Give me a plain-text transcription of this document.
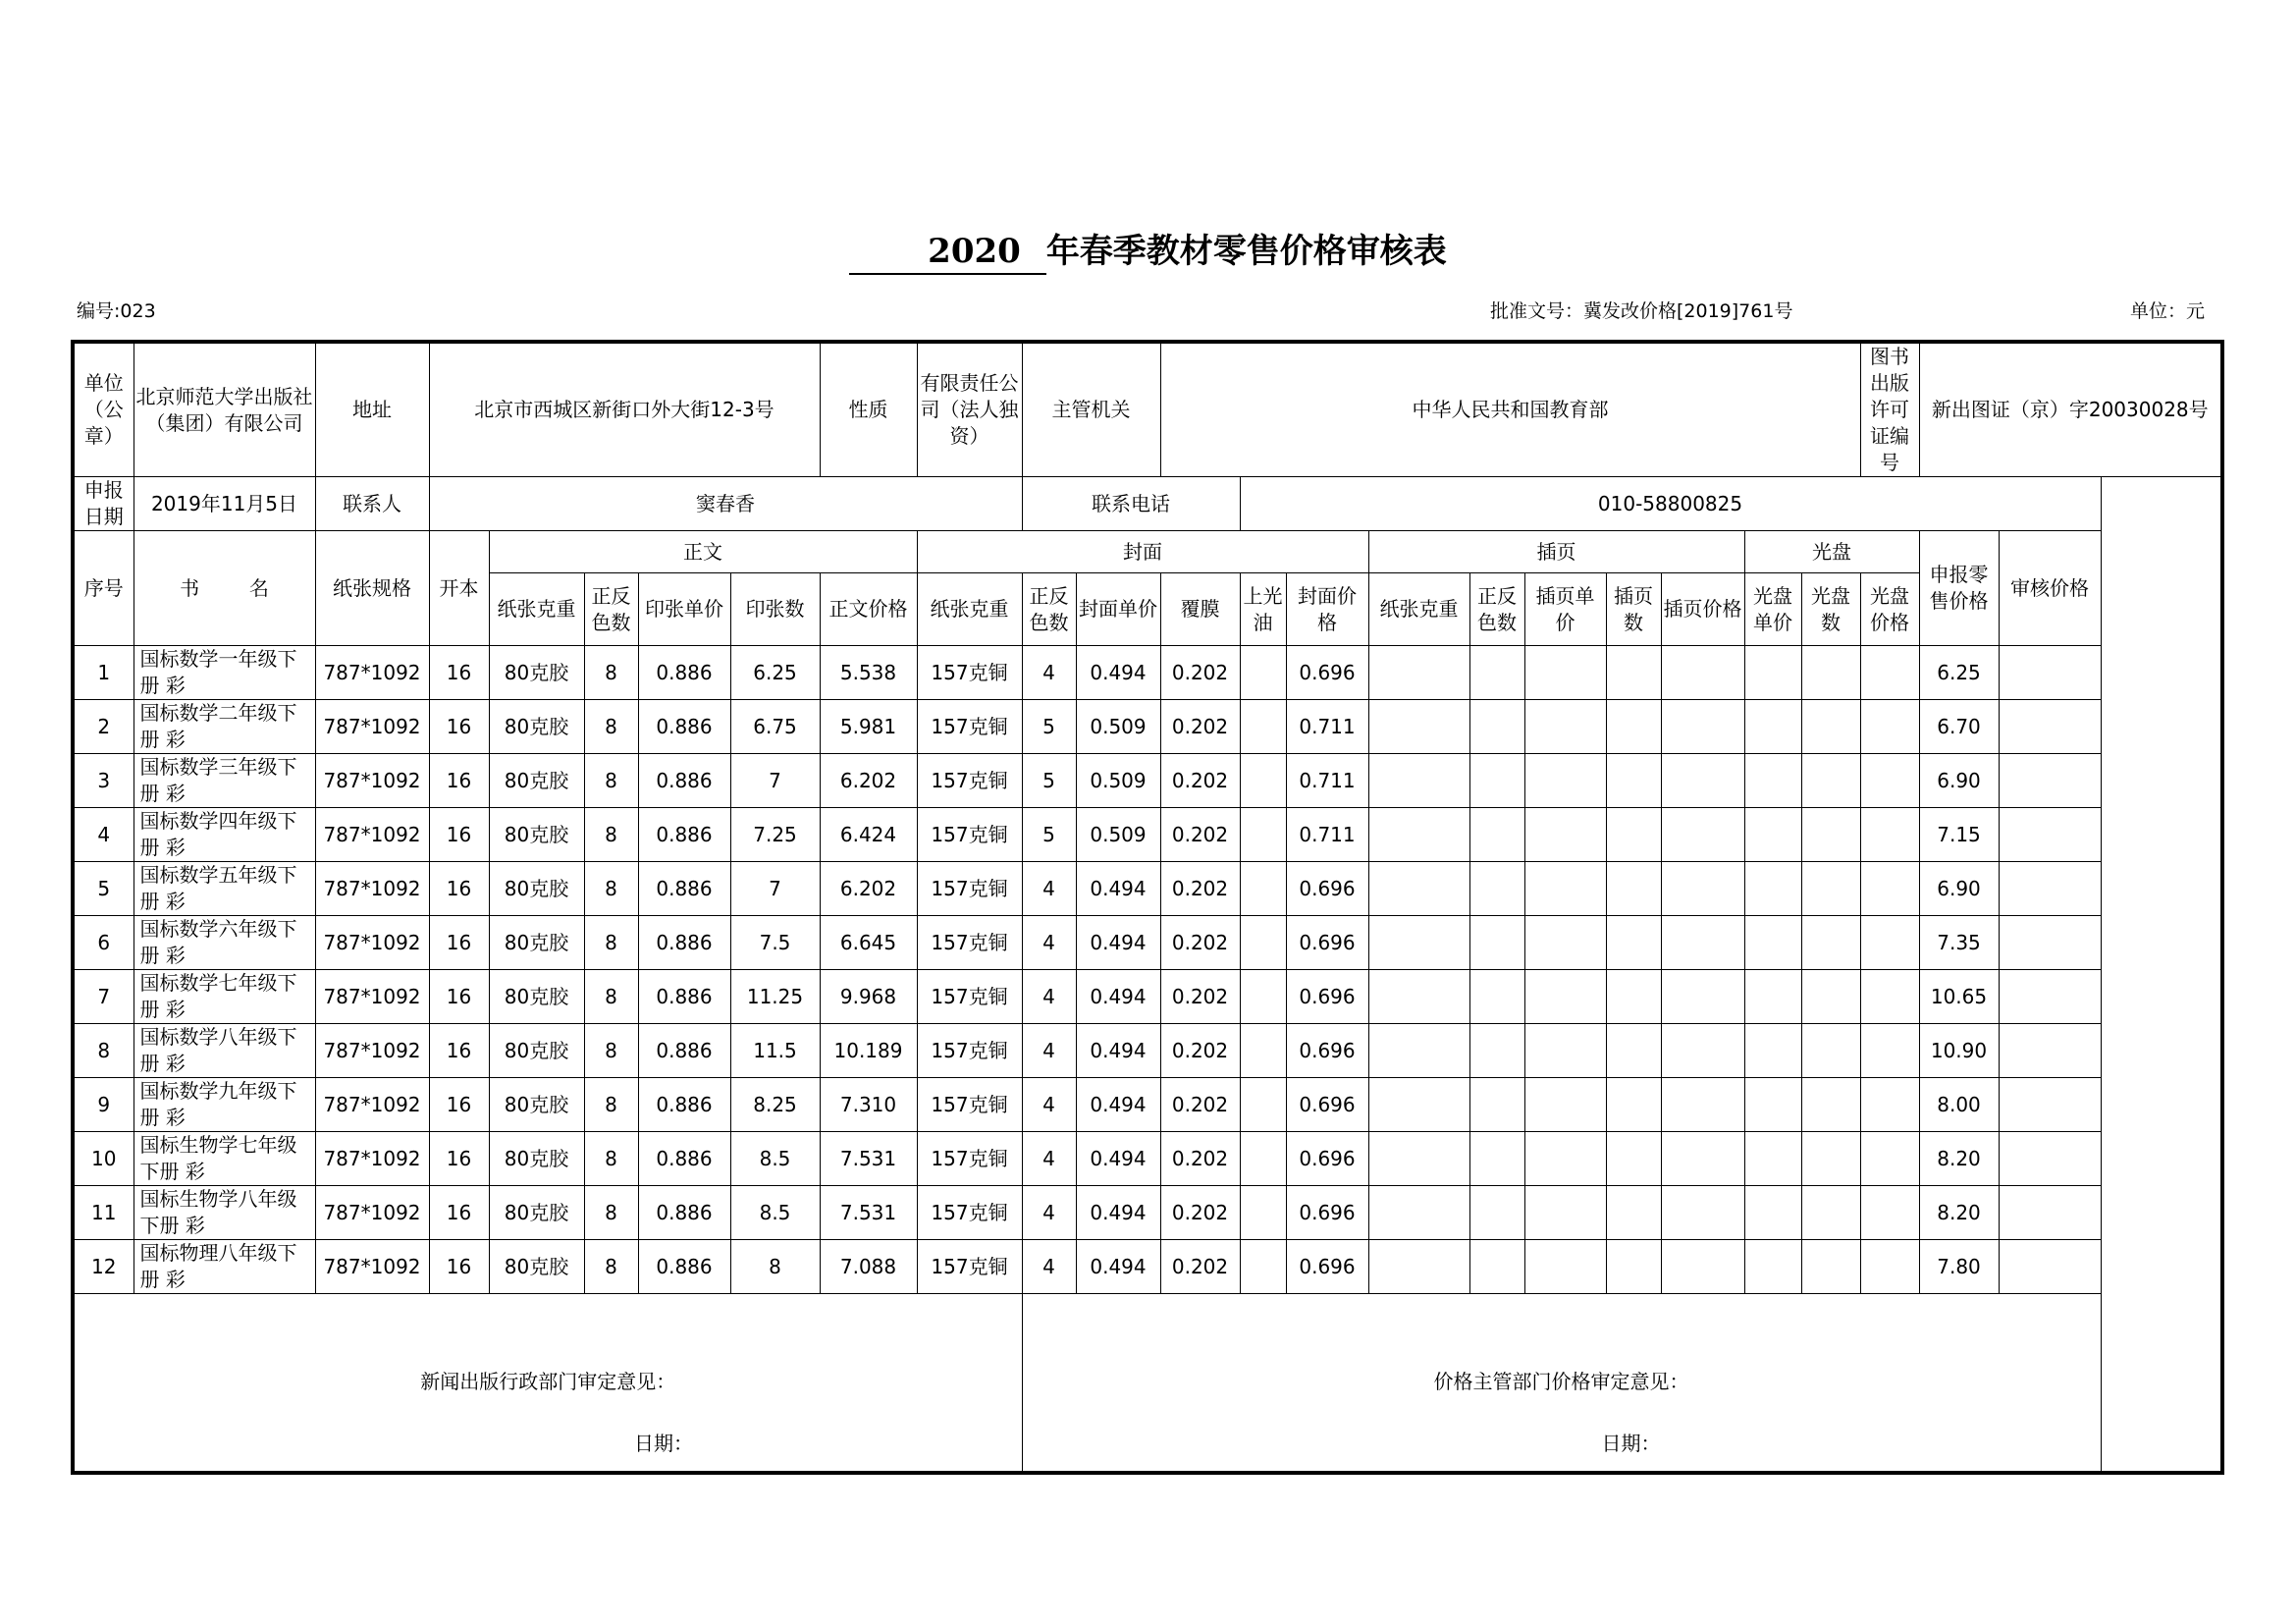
2020 年春季教材零售价格审核表
编号:023	批准文号：冀发改价格[2019]761号	单位：元
单位（公章）	北京师范大学出版社（集团）有限公司	地址	北京市西城区新街口外大街12-3号					性质	有限责任公司（法人独资）	主管机关		中华人民共和国教育部										图书出版许可证编号	新出图证（京）字20030028号	
申报日期	2019年11月5日	联系人	窦春香							联系电话			010-58800825											
序号	书        名	纸张规格	开本	正文					封面						插页					光盘			申报零售价格	审核价格
				纸张克重	正反色数	印张单价	印张数	正文价格	纸张克重	正反色数	封面单价	覆膜	上光油	封面价格	纸张克重	正反色数	插页单价	插页数	插页价格	光盘单价	光盘数	光盘价格		
1	国标数学一年级下册 彩	787*1092	16	80克胶	8	0.886	6.25	5.538	157克铜	4	0.494	0.202		0.696									6.25	
2	国标数学二年级下册 彩	787*1092	16	80克胶	8	0.886	6.75	5.981	157克铜	5	0.509	0.202		0.711									6.70	
3	国标数学三年级下册 彩	787*1092	16	80克胶	8	0.886	7	6.202	157克铜	5	0.509	0.202		0.711									6.90	
4	国标数学四年级下册 彩	787*1092	16	80克胶	8	0.886	7.25	6.424	157克铜	5	0.509	0.202		0.711									7.15	
5	国标数学五年级下册 彩	787*1092	16	80克胶	8	0.886	7	6.202	157克铜	4	0.494	0.202		0.696									6.90	
6	国标数学六年级下册 彩	787*1092	16	80克胶	8	0.886	7.5	6.645	157克铜	4	0.494	0.202		0.696									7.35	
7	国标数学七年级下册 彩	787*1092	16	80克胶	8	0.886	11.25	9.968	157克铜	4	0.494	0.202		0.696									10.65	
8	国标数学八年级下册 彩	787*1092	16	80克胶	8	0.886	11.5	10.189	157克铜	4	0.494	0.202		0.696									10.90	
9	国标数学九年级下册 彩	787*1092	16	80克胶	8	0.886	8.25	7.310	157克铜	4	0.494	0.202		0.696									8.00	
10	国标生物学七年级下册 彩	787*1092	16	80克胶	8	0.886	8.5	7.531	157克铜	4	0.494	0.202		0.696									8.20	
11	国标生物学八年级下册 彩	787*1092	16	80克胶	8	0.886	8.5	7.531	157克铜	4	0.494	0.202		0.696									8.20	
12	国标物理八年级下册 彩	787*1092	16	80克胶	8	0.886	8	7.088	157克铜	4	0.494	0.202		0.696									7.80	
新闻出版行政部门审定意见：
日期：										价格主管部门价格审定意见：
日期：														
